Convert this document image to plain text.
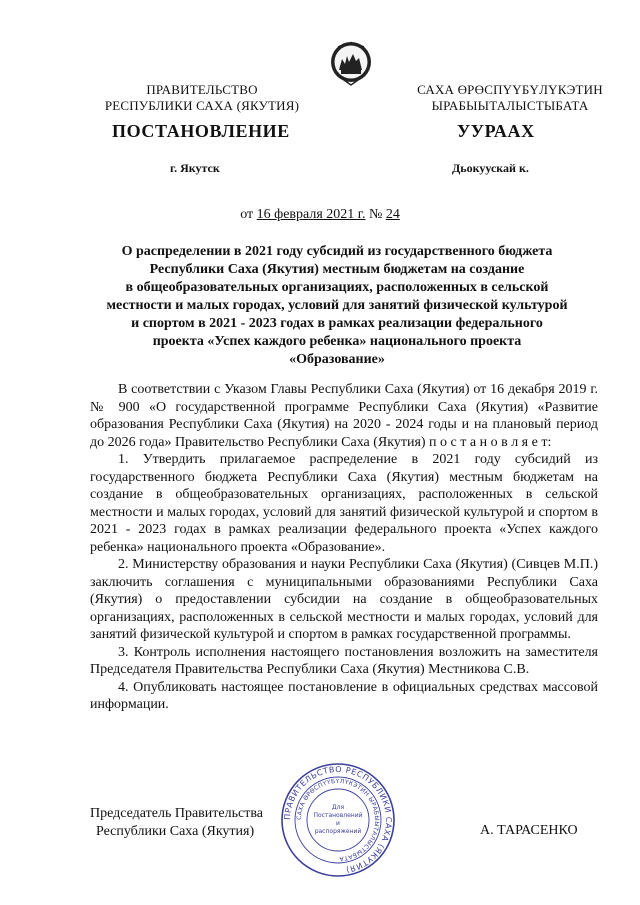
ПРАВИТЕЛЬСТВО
РЕСПУБЛИКИ САХА (ЯКУТИЯ)
САХА ӨРӨСПҮҮБҮЛҮКЭТИН
ЫРАБЫЫТАЛЫСТЫБАТА
ПОСТАНОВЛЕНИЕ	УУРААХ
г. Якутск	Дьокуускай к.
от 16 февраля 2021 г. № 24
О распределении в 2021 году субсидий из государственного бюджета
Республики Саха (Якутия) местным бюджетам на создание
в общеобразовательных организациях, расположенных в сельской
местности и малых городах, условий для занятий физической культурой
и спортом в 2021 - 2023 годах в рамках реализации федерального
проекта «Успех каждого ребенка» национального проекта
«Образование»

В соответствии с Указом Главы Республики Саха (Якутия) от 16 декабря 2019 г. № 900 «О государственной программе Республики Саха (Якутия) «Развитие образования Республики Саха (Якутия) на 2020 - 2024 годы и на плановый период до 2026 года» Правительство Республики Саха (Якутия) п о с т а н о в л я е т:

1. Утвердить прилагаемое распределение в 2021 году субсидий из государственного бюджета Республики Саха (Якутия) местным бюджетам на создание в общеобразовательных организациях, расположенных в сельской местности и малых городах, условий для занятий физической культурой и спортом в 2021 - 2023 годах в рамках реализации федерального проекта «Успех каждого ребенка» национального проекта «Образование».

2. Министерству образования и науки Республики Саха (Якутия) (Сивцев М.П.) заключить соглашения с муниципальными образованиями Республики Саха (Якутия) о предоставлении субсидии на создание в общеобразовательных организациях, расположенных в сельской местности и малых городах, условий для занятий физической культурой и спортом в рамках государственной программы.

3. Контроль исполнения настоящего постановления возложить на заместителя Председателя Правительства Республики Саха (Якутия) Местникова С.В.

4. Опубликовать настоящее постановление в официальных средствах массовой информации.

ПРАВИТЕЛЬСТВО РЕСПУБЛИКИ САХА (ЯКУТИЯ)
САХА ӨРӨСПҮҮБҮЛҮКЭТИН ЫРАБЫЫТАЛЫСТЫБАТА
Для
Постановлений
и
распоряжений
Председатель Правительства
Республики Саха (Якутия)	А. ТАРАСЕНКО
